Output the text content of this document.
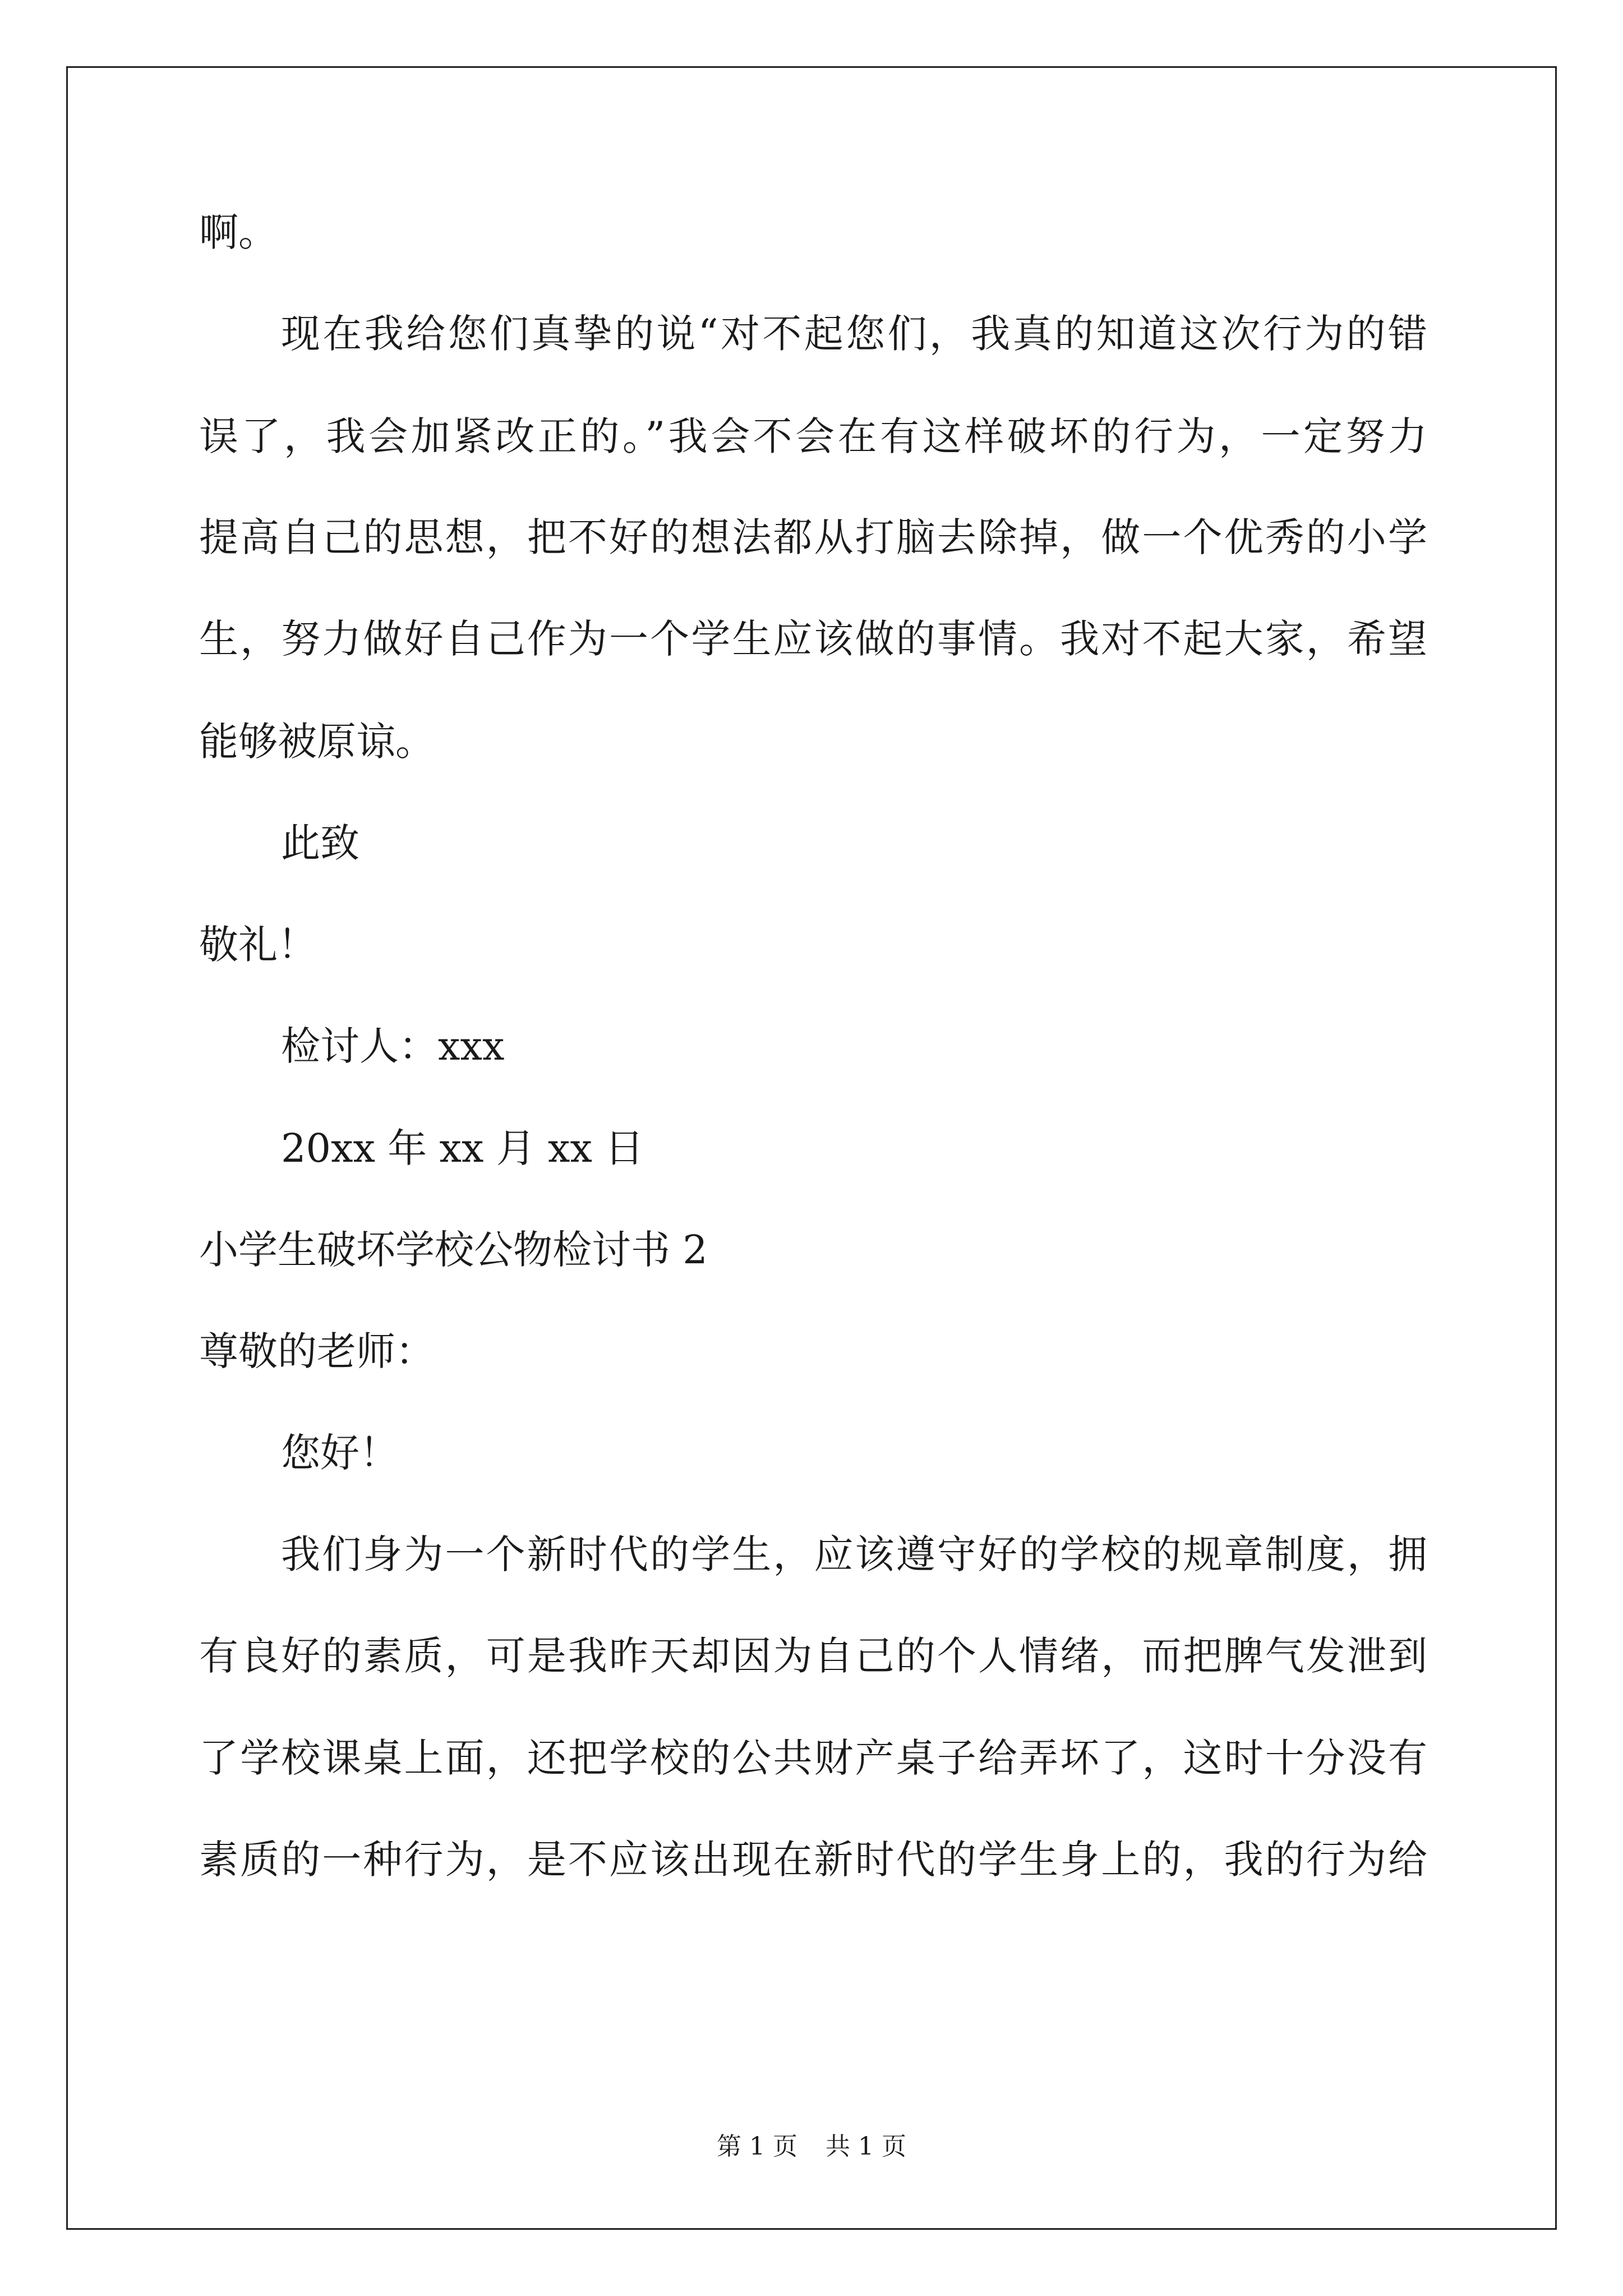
啊。
现在我给您们真挚的说“对不起您们，我真的知道这次行为的错
误了，我会加紧改正的。”我会不会在有这样破坏的行为，一定努力
提高自己的思想，把不好的想法都从打脑去除掉，做一个优秀的小学
生，努力做好自己作为一个学生应该做的事情。我对不起大家，希望
能够被原谅。
此致
敬礼！
检讨人：xxx
20xx 年 xx 月 xx 日
小学生破坏学校公物检讨书 2
尊敬的老师：
您好！
我们身为一个新时代的学生，应该遵守好的学校的规章制度，拥
有良好的素质，可是我昨天却因为自己的个人情绪，而把脾气发泄到
了学校课桌上面，还把学校的公共财产桌子给弄坏了，这时十分没有
素质的一种行为，是不应该出现在新时代的学生身上的，我的行为给
第 1 页 共 1 页
